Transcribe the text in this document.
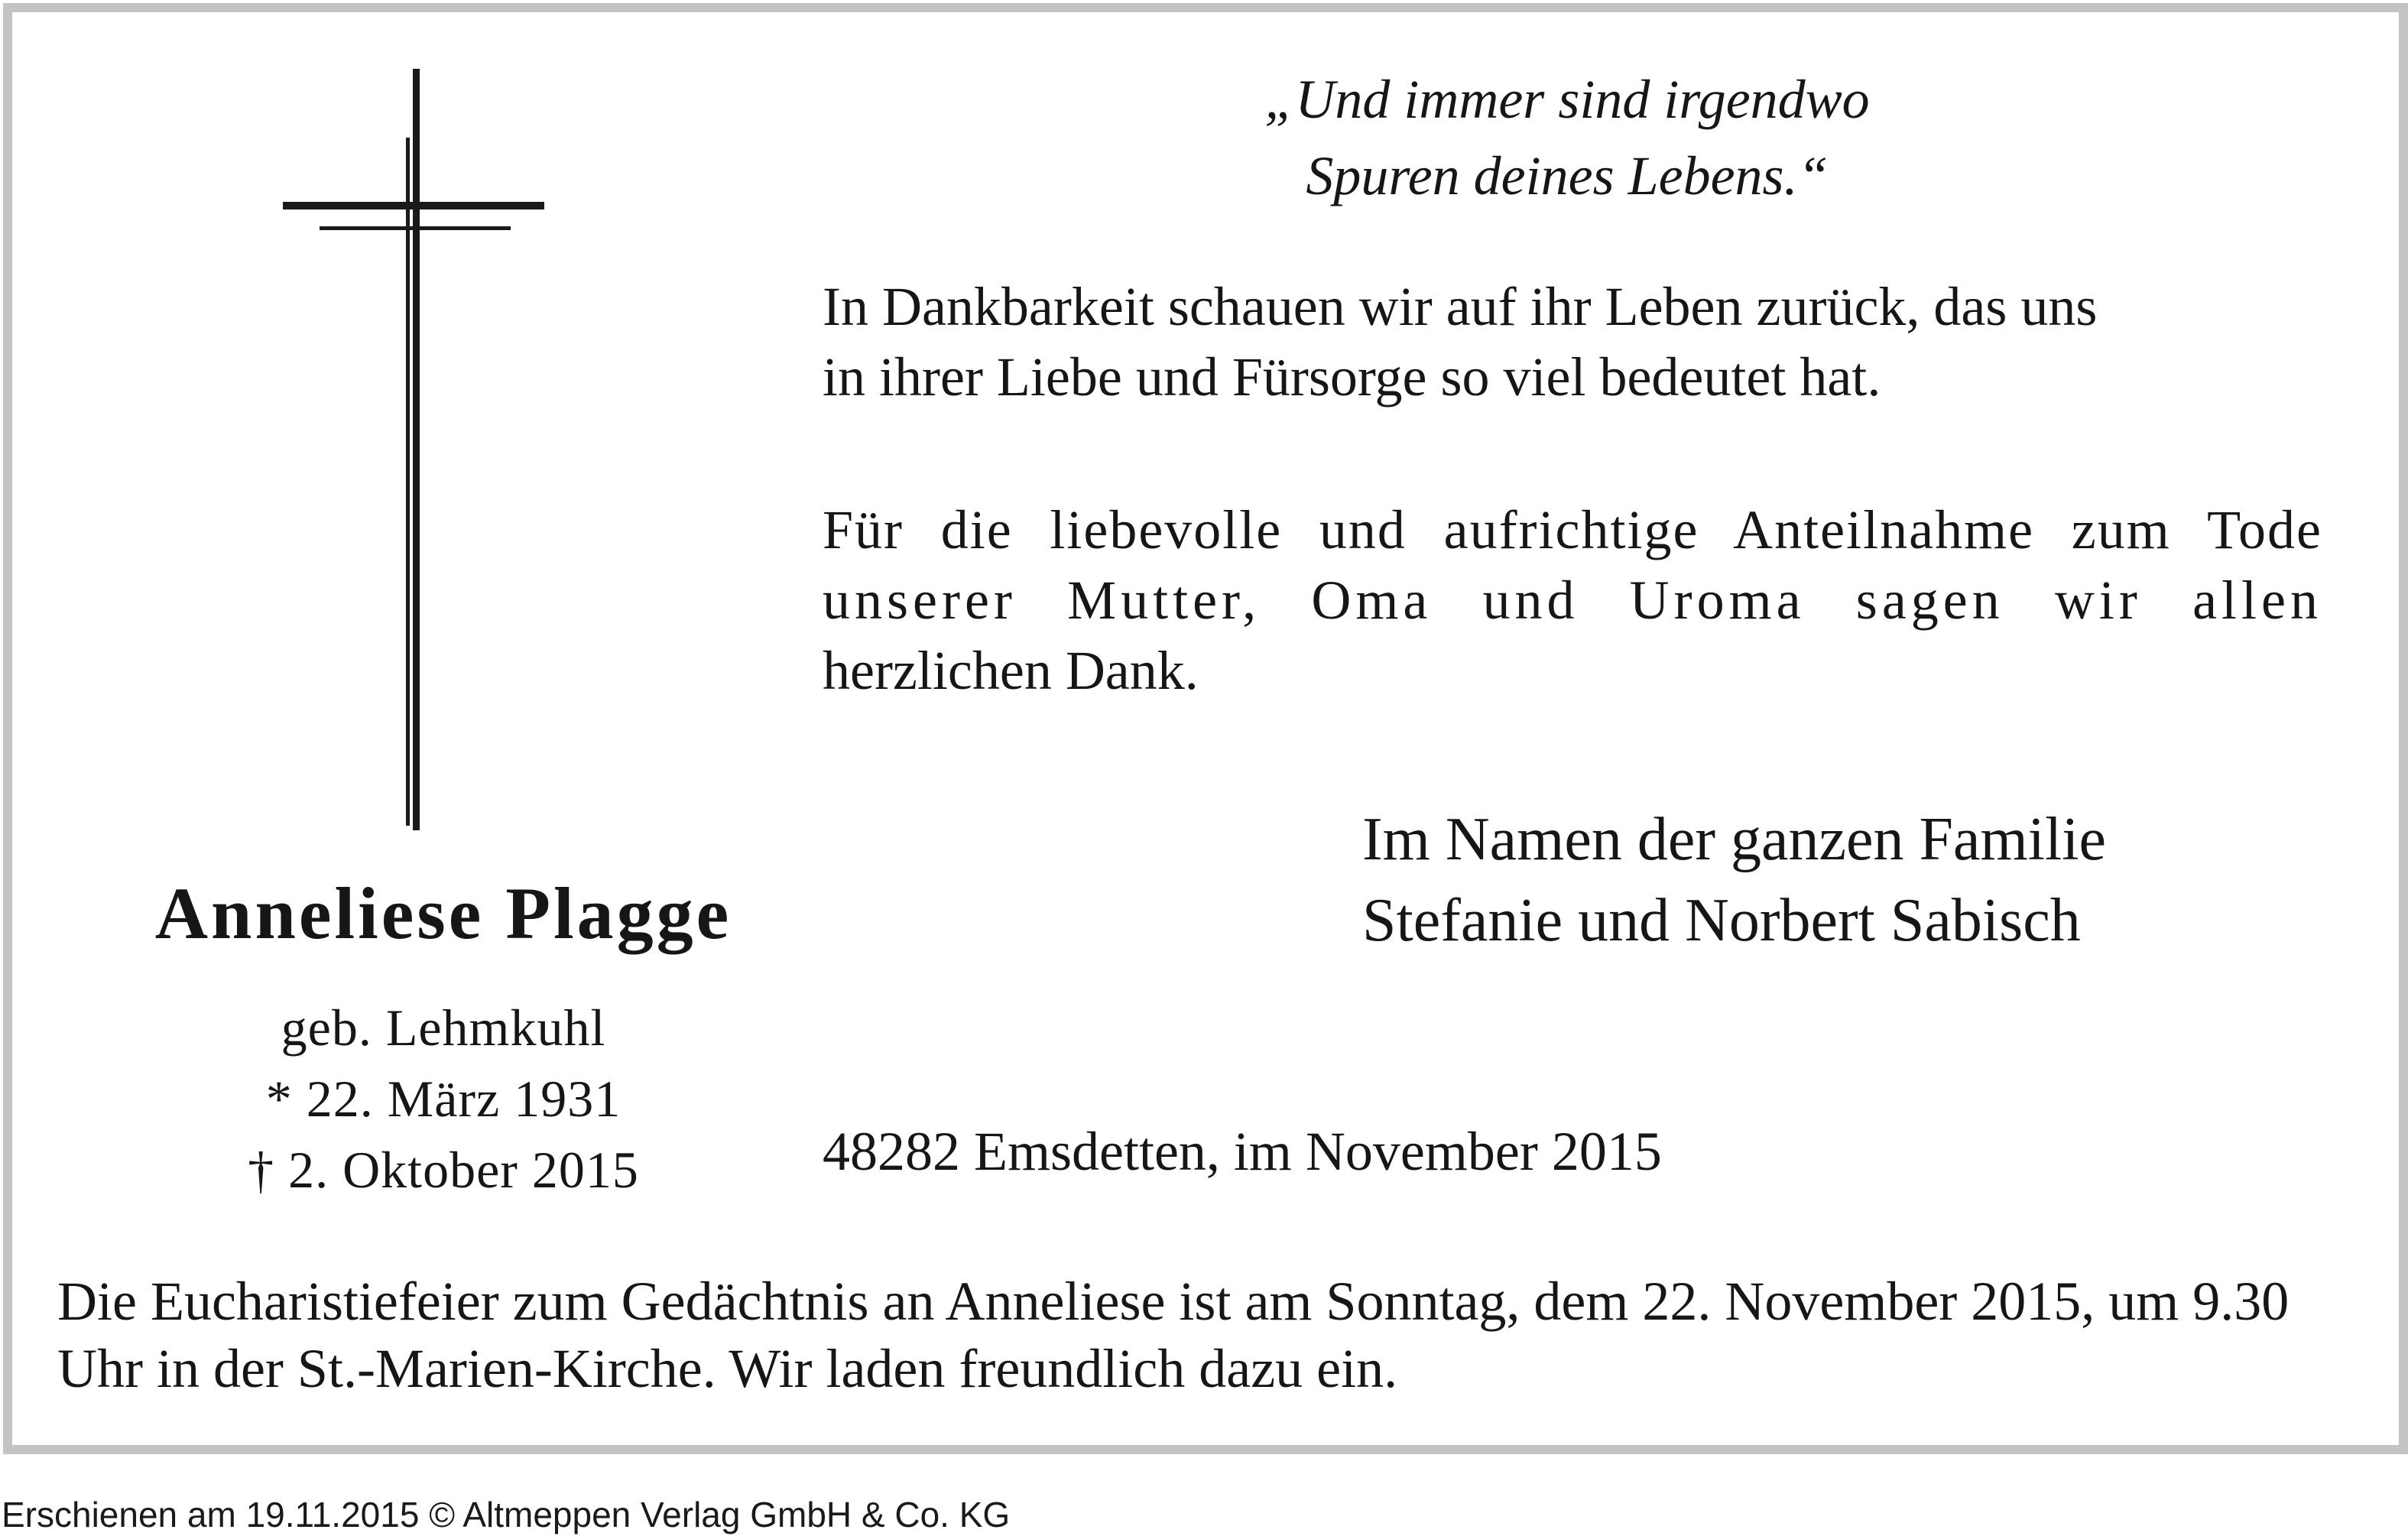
„Und immer sind irgendwo
Spuren deines Lebens.“
In Dankbarkeit schauen wir auf ihr Leben zurück, das uns
in ihrer Liebe und Fürsorge so viel bedeutet hat.
Für die liebevolle und aufrichtige Anteilnahme zum Tode
unserer Mutter, Oma und Uroma sagen wir allen
herzlichen Dank.
Anneliese Plagge
geb. Lehmkuhl
* 22. März 1931
† 2. Oktober 2015
Im Namen der ganzen Familie
Stefanie und Norbert Sabisch
48282 Emsdetten, im November 2015
Die Eucharistiefeier zum Gedächtnis an Anneliese ist am Sonntag, dem 22. November 2015, um 9.30 Uhr in der St.-Marien-Kirche. Wir laden freundlich dazu ein.
Erschienen am 19.11.2015 © Altmeppen Verlag GmbH & Co. KG
